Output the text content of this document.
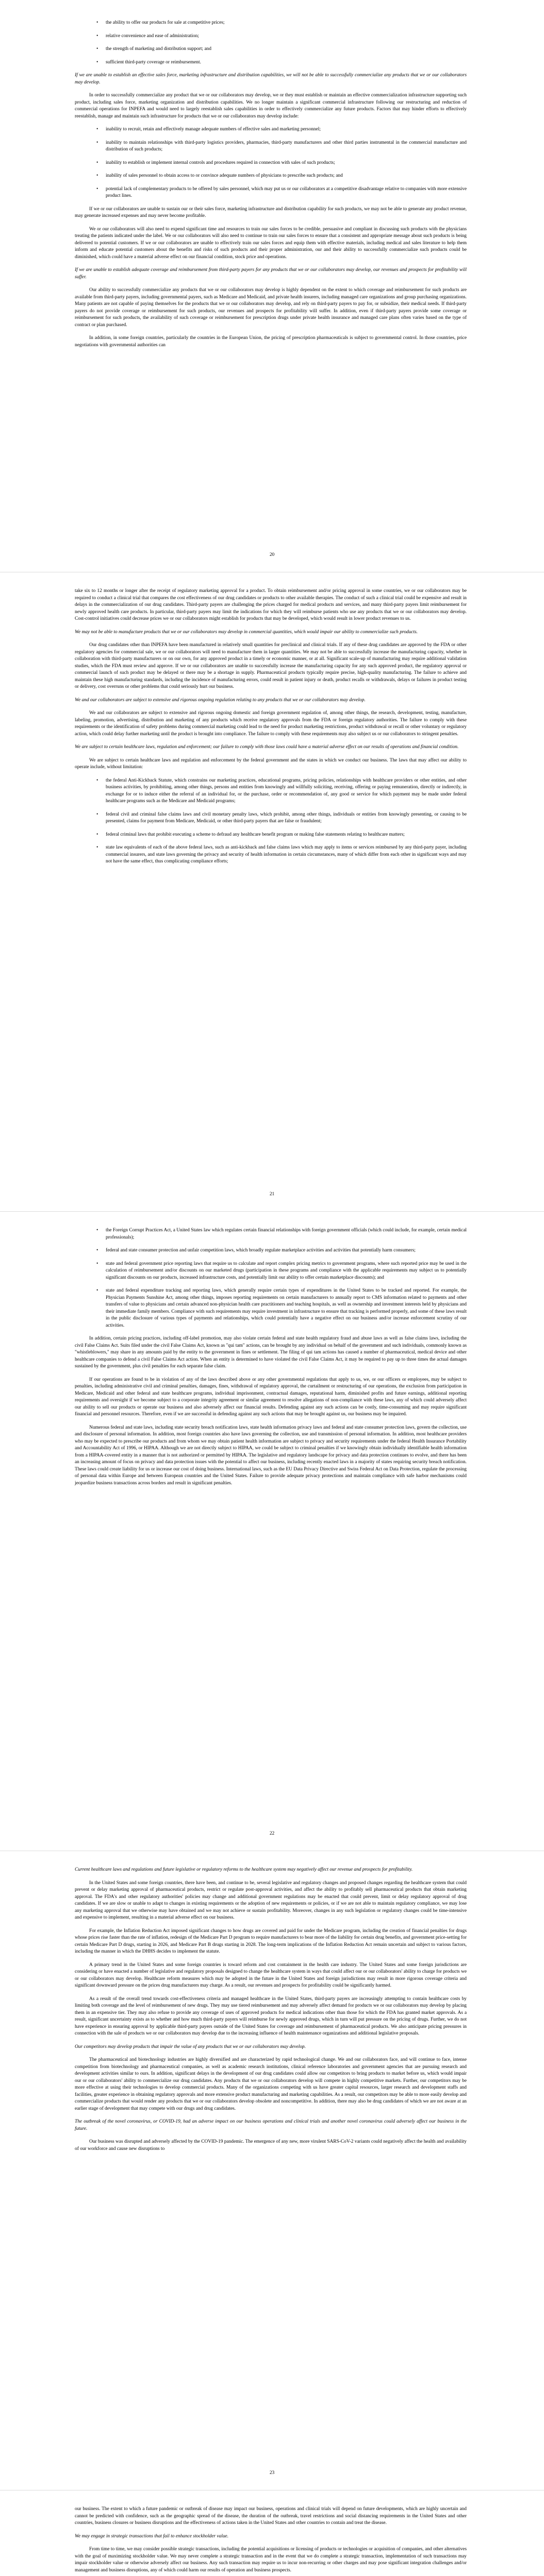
• the ability to offer our products for sale at competitive prices;
• relative convenience and ease of administration;
• the strength of marketing and distribution support; and
• sufficient third-party coverage or reimbursement.

If we are unable to establish an effective sales force, marketing infrastructure and distribution capabilities, we will not be able to successfully commercialize any products that we or our collaborators may develop.

In order to successfully commercialize any product that we or our collaborators may develop, we or they must establish or maintain an effective commercialization infrastructure supporting such product, including sales force, marketing organization and distribution capabilities. We no longer maintain a significant commercial infrastructure following our restructuring and reduction of commercial operations for INPEFA and would need to largely reestablish sales capabilities in order to effectively commercialize any future products. Factors that may hinder efforts to effectively reestablish, manage and maintain such infrastructure for products that we or our collaborators may develop include:

• inability to recruit, retain and effectively manage adequate numbers of effective sales and marketing personnel;
• inability to maintain relationships with third-party logistics providers, pharmacies, third-party manufacturers and other third parties instrumental in the commercial manufacture and distribution of such products;
• inability to establish or implement internal controls and procedures required in connection with sales of such products;
• inability of sales personnel to obtain access to or convince adequate numbers of physicians to prescribe such products; and
• potential lack of complementary products to be offered by sales personnel, which may put us or our collaborators at a competitive disadvantage relative to companies with more extensive product lines.

If we or our collaborators are unable to sustain our or their sales force, marketing infrastructure and distribution capability for such products, we may not be able to generate any product revenue, may generate increased expenses and may never become profitable.

We or our collaborators will also need to expend significant time and resources to train our sales forces to be credible, persuasive and compliant in discussing such products with the physicians treating the patients indicated under the label. We or our collaborators will also need to continue to train our sales forces to ensure that a consistent and appropriate message about such products is being delivered to potential customers. If we or our collaborators are unable to effectively train our sales forces and equip them with effective materials, including medical and sales literature to help them inform and educate potential customers about the benefits and risks of such products and their proper administration, our and their ability to successfully commercialize such products could be diminished, which could have a material adverse effect on our financial condition, stock price and operations.

If we are unable to establish adequate coverage and reimbursement from third-party payers for any products that we or our collaborators may develop, our revenues and prospects for profitability will suffer.

Our ability to successfully commercialize any products that we or our collaborators may develop is highly dependent on the extent to which coverage and reimbursement for such products are available from third-party payers, including governmental payers, such as Medicare and Medicaid, and private health insurers, including managed care organizations and group purchasing organizations. Many patients are not capable of paying themselves for the products that we or our collaborators may develop, and rely on third-party payers to pay for, or subsidize, their medical needs. If third-party payers do not provide coverage or reimbursement for such products, our revenues and prospects for profitability will suffer. In addition, even if third-party payers provide some coverage or reimbursement for such products, the availability of such coverage or reimbursement for prescription drugs under private health insurance and managed care plans often varies based on the type of contract or plan purchased.

In addition, in some foreign countries, particularly the countries in the European Union, the pricing of prescription pharmaceuticals is subject to governmental control. In those countries, price negotiations with governmental authorities can

20

take six to 12 months or longer after the receipt of regulatory marketing approval for a product. To obtain reimbursement and/or pricing approval in some countries, we or our collaborators may be required to conduct a clinical trial that compares the cost effectiveness of our drug candidates or products to other available therapies. The conduct of such a clinical trial could be expensive and result in delays in the commercialization of our drug candidates. Third-party payers are challenging the prices charged for medical products and services, and many third-party payers limit reimbursement for newly approved health care products. In particular, third-party payers may limit the indications for which they will reimburse patients who use any products that we or our collaborators may develop. Cost-control initiatives could decrease prices we or our collaborators might establish for products that may be developed, which would result in lower product revenues to us.

We may not be able to manufacture products that we or our collaborators may develop in commercial quantities, which would impair our ability to commercialize such products.

Our drug candidates other than INPEFA have been manufactured in relatively small quantities for preclinical and clinical trials. If any of these drug candidates are approved by the FDA or other regulatory agencies for commercial sale, we or our collaborators will need to manufacture them in larger quantities. We may not be able to successfully increase the manufacturing capacity, whether in collaboration with third-party manufacturers or on our own, for any approved product in a timely or economic manner, or at all. Significant scale-up of manufacturing may require additional validation studies, which the FDA must review and approve. If we or our collaborators are unable to successfully increase the manufacturing capacity for any such approved product, the regulatory approval or commercial launch of such product may be delayed or there may be a shortage in supply. Pharmaceutical products typically require precise, high-quality manufacturing. The failure to achieve and maintain these high manufacturing standards, including the incidence of manufacturing errors, could result in patient injury or death, product recalls or withdrawals, delays or failures in product testing or delivery, cost overruns or other problems that could seriously hurt our business.

We and our collaborators are subject to extensive and rigorous ongoing regulation relating to any products that we or our collaborators may develop.

We and our collaborators are subject to extensive and rigorous ongoing domestic and foreign government regulation of, among other things, the research, development, testing, manufacture, labeling, promotion, advertising, distribution and marketing of any products which receive regulatory approvals from the FDA or foreign regulatory authorities. The failure to comply with these requirements or the identification of safety problems during commercial marketing could lead to the need for product marketing restrictions, product withdrawal or recall or other voluntary or regulatory action, which could delay further marketing until the product is brought into compliance. The failure to comply with these requirements may also subject us or our collaborators to stringent penalties.

We are subject to certain healthcare laws, regulation and enforcement; our failure to comply with those laws could have a material adverse effect on our results of operations and financial condition.

We are subject to certain healthcare laws and regulation and enforcement by the federal government and the states in which we conduct our business. The laws that may affect our ability to operate include, without limitation:

• the federal Anti-Kickback Statute, which constrains our marketing practices, educational programs, pricing policies, relationships with healthcare providers or other entities, and other business activities, by prohibiting, among other things, persons and entities from knowingly and willfully soliciting, receiving, offering or paying remuneration, directly or indirectly, in exchange for or to induce either the referral of an individual for, or the purchase, order or recommendation of, any good or service for which payment may be made under federal healthcare programs such as the Medicare and Medicaid programs;
• federal civil and criminal false claims laws and civil monetary penalty laws, which prohibit, among other things, individuals or entities from knowingly presenting, or causing to be presented, claims for payment from Medicare, Medicaid, or other third-party payers that are false or fraudulent;
• federal criminal laws that prohibit executing a scheme to defraud any healthcare benefit program or making false statements relating to healthcare matters;
• state law equivalents of each of the above federal laws, such as anti-kickback and false claims laws which may apply to items or services reimbursed by any third-party payer, including commercial insurers, and state laws governing the privacy and security of health information in certain circumstances, many of which differ from each other in significant ways and may not have the same effect, thus complicating compliance efforts;
21
• the Foreign Corrupt Practices Act, a United States law which regulates certain financial relationships with foreign government officials (which could include, for example, certain medical professionals);
• federal and state consumer protection and unfair competition laws, which broadly regulate marketplace activities and activities that potentially harm consumers;
• state and federal government price reporting laws that require us to calculate and report complex pricing metrics to government programs, where such reported price may be used in the calculation of reimbursement and/or discounts on our marketed drugs (participation in these programs and compliance with the applicable requirements may subject us to potentially significant discounts on our products, increased infrastructure costs, and potentially limit our ability to offer certain marketplace discounts); and
• state and federal expenditure tracking and reporting laws, which generally require certain types of expenditures in the United States to be tracked and reported. For example, the Physician Payments Sunshine Act, among other things, imposes reporting requirements on certain manufacturers to annually report to CMS information related to payments and other transfers of value to physicians and certain advanced non-physician health care practitioners and teaching hospitals, as well as ownership and investment interests held by physicians and their immediate family members. Compliance with such requirements may require investment in infrastructure to ensure that tracking is performed properly, and some of these laws result in the public disclosure of various types of payments and relationships, which could potentially have a negative effect on our business and/or increase enforcement scrutiny of our activities.

In addition, certain pricing practices, including off-label promotion, may also violate certain federal and state health regulatory fraud and abuse laws as well as false claims laws, including the civil False Claims Act. Suits filed under the civil False Claims Act, known as "qui tam" actions, can be brought by any individual on behalf of the government and such individuals, commonly known as "whistleblowers," may share in any amounts paid by the entity to the government in fines or settlement. The filing of qui tam actions has caused a number of pharmaceutical, medical device and other healthcare companies to defend a civil False Claims Act action. When an entity is determined to have violated the civil False Claims Act, it may be required to pay up to three times the actual damages sustained by the government, plus civil penalties for each separate false claim.

If our operations are found to be in violation of any of the laws described above or any other governmental regulations that apply to us, we, or our officers or employees, may be subject to penalties, including administrative civil and criminal penalties, damages, fines, withdrawal of regulatory approval, the curtailment or restructuring of our operations, the exclusion from participation in Medicare, Medicaid and other federal and state healthcare programs, individual imprisonment, contractual damages, reputational harm, diminished profits and future earnings, additional reporting requirements and oversight if we become subject to a corporate integrity agreement or similar agreement to resolve allegations of non-compliance with these laws, any of which could adversely affect our ability to sell our products or operate our business and also adversely affect our financial results. Defending against any such actions can be costly, time-consuming and may require significant financial and personnel resources. Therefore, even if we are successful in defending against any such actions that may be brought against us, our business may be impaired.

Numerous federal and state laws, including state security breach notification laws, state health information privacy laws and federal and state consumer protection laws, govern the collection, use and disclosure of personal information. In addition, most foreign countries also have laws governing the collection, use and transmission of personal information. In addition, most healthcare providers who may be expected to prescribe our products and from whom we may obtain patient health information are subject to privacy and security requirements under the federal Health Insurance Portability and Accountability Act of 1996, or HIPAA. Although we are not directly subject to HIPAA, we could be subject to criminal penalties if we knowingly obtain individually identifiable health information from a HIPAA-covered entity in a manner that is not authorized or permitted by HIPAA. The legislative and regulatory landscape for privacy and data protection continues to evolve, and there has been an increasing amount of focus on privacy and data protection issues with the potential to affect our business, including recently enacted laws in a majority of states requiring security breach notification. These laws could create liability for us or increase our cost of doing business. International laws, such as the EU Data Privacy Directive and Swiss Federal Act on Data Protection, regulate the processing of personal data within Europe and between European countries and the United States. Failure to provide adequate privacy protections and maintain compliance with safe harbor mechanisms could jeopardize business transactions across borders and result in significant penalties.

22

Current healthcare laws and regulations and future legislative or regulatory reforms to the healthcare system may negatively affect our revenue and prospects for profitability.

In the United States and some foreign countries, there have been, and continue to be, several legislative and regulatory changes and proposed changes regarding the healthcare system that could prevent or delay marketing approval of pharmaceutical products, restrict or regulate post-approval activities, and affect the ability to profitably sell pharmaceutical products that obtain marketing approval. The FDA's and other regulatory authorities' policies may change and additional government regulations may be enacted that could prevent, limit or delay regulatory approval of drug candidates. If we are slow or unable to adapt to changes in existing requirements or the adoption of new requirements or policies, or if we are not able to maintain regulatory compliance, we may lose any marketing approval that we otherwise may have obtained and we may not achieve or sustain profitability. Moreover, changes in any such legislation or regulatory changes could be time-intensive and expensive to implement, resulting in a material adverse effect on our business.

For example, the Inflation Reduction Act imposed significant changes to how drugs are covered and paid for under the Medicare program, including the creation of financial penalties for drugs whose prices rise faster than the rate of inflation, redesign of the Medicare Part D program to require manufacturers to bear more of the liability for certain drug benefits, and government price-setting for certain Medicare Part D drugs, starting in 2026, and Medicare Part B drugs starting in 2028. The long-term implications of the Inflation Reduction Act remain uncertain and subject to various factors, including the manner in which the DHHS decides to implement the statute.

A primary trend in the United States and some foreign countries is toward reform and cost containment in the health care industry. The United States and some foreign jurisdictions are considering or have enacted a number of legislative and regulatory proposals designed to change the healthcare system in ways that could affect our or our collaborators' ability to charge for products we or our collaborators may develop. Healthcare reform measures which may be adopted in the future in the United States and foreign jurisdictions may result in more rigorous coverage criteria and significant downward pressure on the prices drug manufacturers may charge. As a result, our revenues and prospects for profitability could be significantly harmed.

As a result of the overall trend towards cost-effectiveness criteria and managed healthcare in the United States, third-party payers are increasingly attempting to contain healthcare costs by limiting both coverage and the level of reimbursement of new drugs. They may use tiered reimbursement and may adversely affect demand for products we or our collaborators may develop by placing them in an expensive tier. They may also refuse to provide any coverage of uses of approved products for medical indications other than those for which the FDA has granted market approvals. As a result, significant uncertainty exists as to whether and how much third-party payers will reimburse for newly approved drugs, which in turn will put pressure on the pricing of drugs. Further, we do not have experience in ensuring approval by applicable third-party payers outside of the United States for coverage and reimbursement of pharmaceutical products. We also anticipate pricing pressures in connection with the sale of products we or our collaborators may develop due to the increasing influence of health maintenance organizations and additional legislative proposals.

Our competitors may develop products that impair the value of any products that we or our collaborators may develop.

The pharmaceutical and biotechnology industries are highly diversified and are characterized by rapid technological change. We and our collaborators face, and will continue to face, intense competition from biotechnology and pharmaceutical companies, as well as academic research institutions, clinical reference laboratories and government agencies that are pursuing research and development activities similar to ours. In addition, significant delays in the development of our drug candidates could allow our competitors to bring products to market before us, which would impair our or our collaborators' ability to commercialize our drug candidates. Any products that we or our collaborators develop will compete in highly competitive markets. Further, our competitors may be more effective at using their technologies to develop commercial products. Many of the organizations competing with us have greater capital resources, larger research and development staffs and facilities, greater experience in obtaining regulatory approvals and more extensive product manufacturing and marketing capabilities. As a result, our competitors may be able to more easily develop and commercialize products that would render any products that we or our collaborators develop obsolete and noncompetitive. In addition, there may also be drug candidates of which we are not aware at an earlier stage of development that may compete with our drugs and drug candidates.

The outbreak of the novel coronavirus, or COVID-19, had an adverse impact on our business operations and clinical trials and another novel coronavirus could adversely affect our business in the future.

Our business was disrupted and adversely affected by the COVID-19 pandemic. The emergence of any new, more virulent SARS-CoV-2 variants could negatively affect the health and availability of our workforce and cause new disruptions to

23

our business. The extent to which a future pandemic or outbreak of disease may impact our business, operations and clinical trials will depend on future developments, which are highly uncertain and cannot be predicted with confidence, such as the geographic spread of the disease, the duration of the outbreak, travel restrictions and social distancing requirements in the United States and other countries, business closures or business disruptions and the effectiveness of actions taken in the United States and other countries to contain and treat the disease.

We may engage in strategic transactions that fail to enhance stockholder value.

From time to time, we may consider possible strategic transactions, including the potential acquisitions or licensing of products or technologies or acquisition of companies, and other alternatives with the goal of maximizing stockholder value. We may never complete a strategic transaction and in the event that we do complete a strategic transaction, implementation of such transactions may impair stockholder value or otherwise adversely affect our business. Any such transaction may require us to incur non-recurring or other charges and may pose significant integration challenges and/or management and business disruptions, any of which could harm our results of operation and business prospects.
